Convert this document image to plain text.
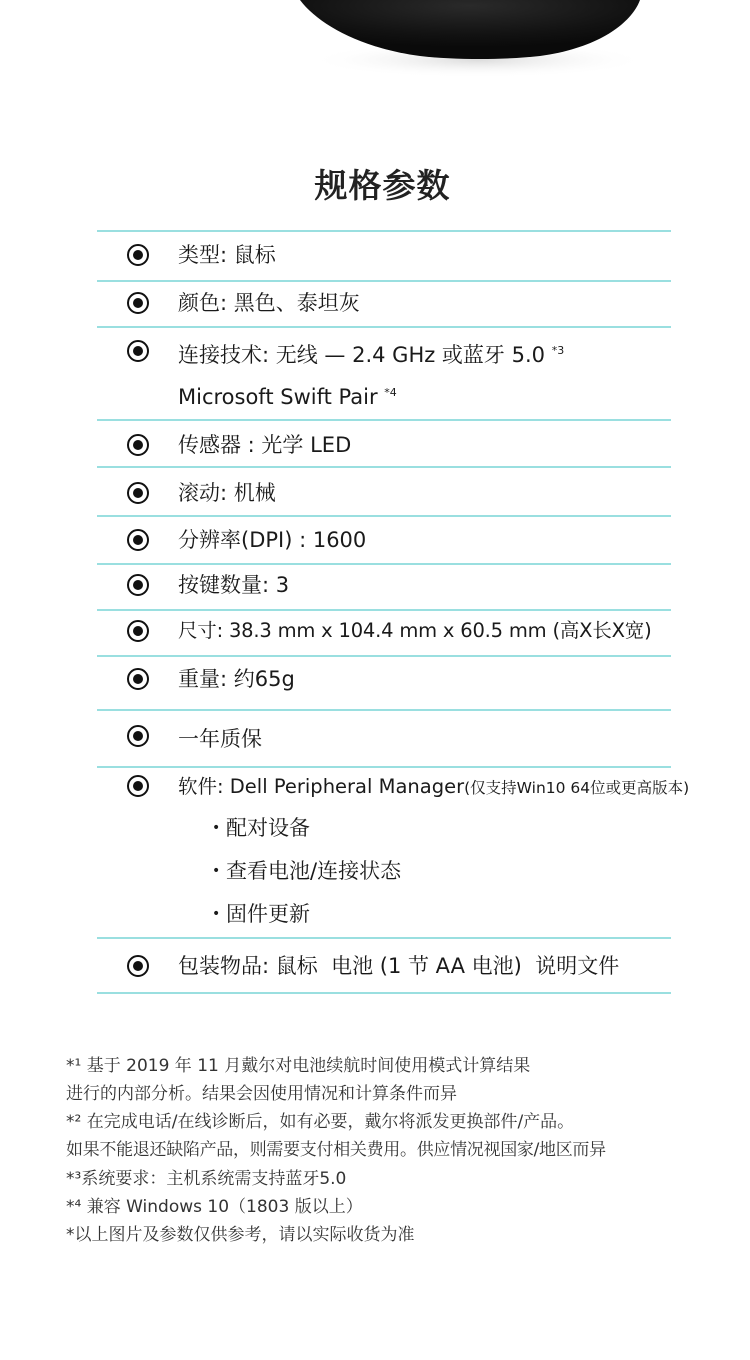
规格参数
类型: 鼠标
颜色: 黑色、泰坦灰
连接技术: 无线 — 2.4 GHz 或蓝牙 5.0 $^{*3}$
Microsoft Swift Pair $^{*4}$
传感器 : 光学 LED
滚动: 机械
分辨率(DPI) : 1600
按键数量: 3
尺寸: 38.3 mm x 104.4 mm x 60.5 mm (高X长X宽)
重量: 约65g
一年质保
软件: Dell Peripheral Manager(仅支持Win10 64位或更高版本)
• 配对设备
• 查看电池/连接状态
• 固件更新
包装物品: 鼠标  电池 (1 节 AA 电池)  说明文件
*¹ 基于 2019 年 11 月戴尔对电池续航时间使用模式计算结果
进行的内部分析。结果会因使用情况和计算条件而异
*² 在完成电话/在线诊断后，如有必要，戴尔将派发更换部件/产品。
如果不能退还缺陷产品，则需要支付相关费用。供应情况视国家/地区而异
*³系统要求：主机系统需支持蓝牙5.0
*⁴ 兼容 Windows 10（1803 版以上）
*以上图片及参数仅供参考，请以实际收货为准
